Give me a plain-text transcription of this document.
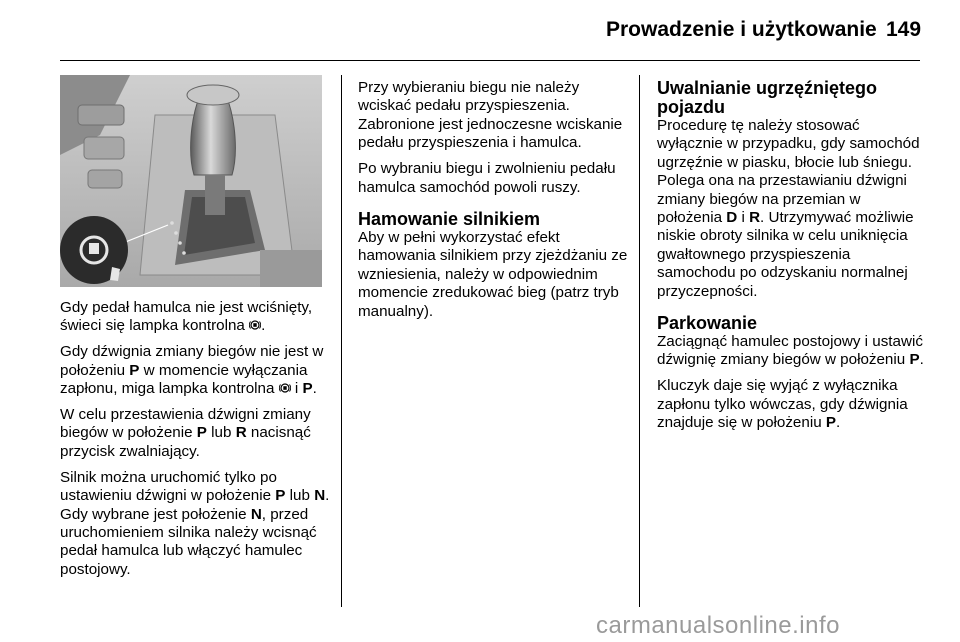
Prowadzenie i użytkowanie 149

Gdy pedał hamulca nie jest wciśnięty, świeci się lampka kontrolna .

Gdy dźwignia zmiany biegów nie jest w położeniu P w momencie wyłączania zapłonu, miga lampka kontrolna i P.

W celu przestawienia dźwigni zmiany biegów w położenie P lub R nacisnąć przycisk zwalniający.

Silnik można uruchomić tylko po ustawieniu dźwigni w położenie P lub N. Gdy wybrane jest położenie N, przed uruchomieniem silnika należy wcisnąć pedał hamulca lub włączyć hamulec postojowy.

Przy wybieraniu biegu nie należy wciskać pedału przyspieszenia. Zabronione jest jednoczesne wciskanie pedału przyspieszenia i hamulca.

Po wybraniu biegu i zwolnieniu pedału hamulca samochód powoli ruszy.

Hamowanie silnikiem

Aby w pełni wykorzystać efekt hamowania silnikiem przy zjeżdżaniu ze wzniesienia, należy w odpowiednim momencie zredukować bieg (patrz tryb manualny).

Uwalnianie ugrzęźniętego pojazdu

Procedurę tę należy stosować wyłącznie w przypadku, gdy samochód ugrzęźnie w piasku, błocie lub śniegu. Polega ona na przestawianiu dźwigni zmiany biegów na przemian w położenia D i R. Utrzymywać możliwie niskie obroty silnika w celu uniknięcia gwałtownego przyspieszenia samochodu po odzyskaniu normalnej przyczepności.

Parkowanie

Zaciągnąć hamulec postojowy i ustawić dźwignię zmiany biegów w położeniu P.

Kluczyk daje się wyjąć z wyłącznika zapłonu tylko wówczas, gdy dźwignia znajduje się w położeniu P.

carmanualsonline.info
